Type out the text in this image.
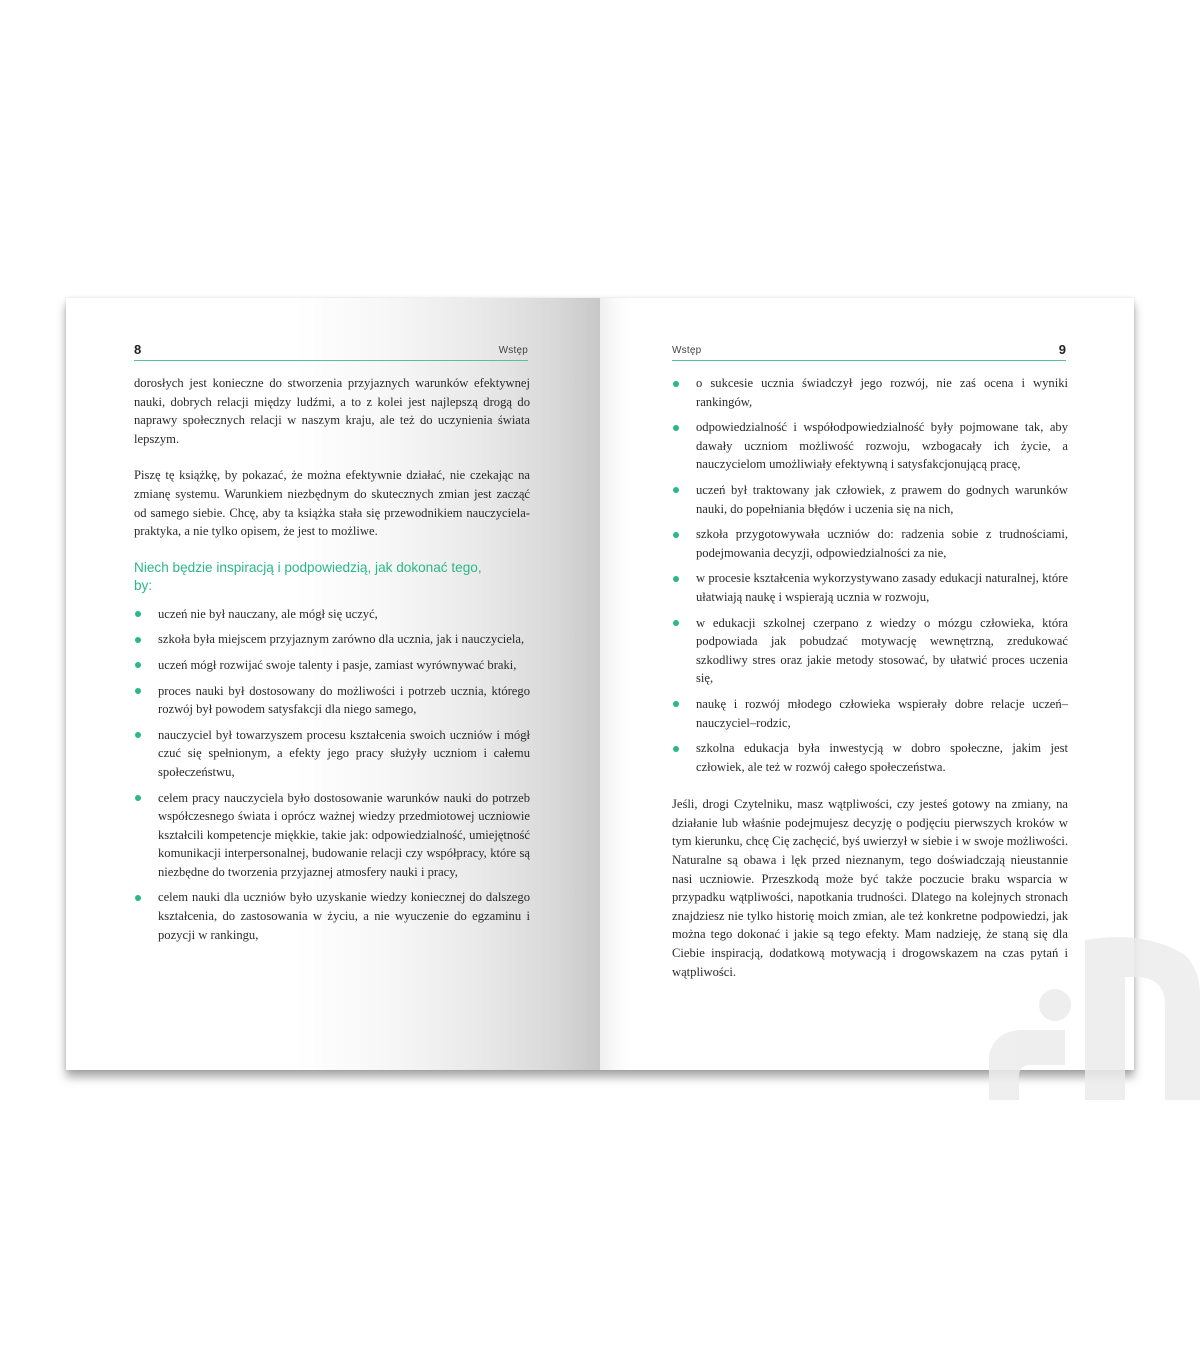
8	Wstęp

dorosłych jest konieczne do stworzenia przyjaznych warunków efektywnej nauki, dobrych relacji między ludźmi, a to z kolei jest najlepszą drogą do naprawy społecznych relacji w naszym kraju, ale też do uczynienia świata lepszym.

Piszę tę książkę, by pokazać, że można efektywnie działać, nie czekając na zmianę systemu. Warunkiem niezbędnym do skutecznych zmian jest zacząć od samego siebie. Chcę, aby ta książka stała się przewodnikiem nauczyciela-praktyka, a nie tylko opisem, że jest to możliwe.

Niech będzie inspiracją i podpowiedzią, jak dokonać tego, by:
uczeń nie był nauczany, ale mógł się uczyć,
szkoła była miejscem przyjaznym zarówno dla ucznia, jak i nauczyciela,
uczeń mógł rozwijać swoje talenty i pasje, zamiast wyrównywać braki,
proces nauki był dostosowany do możliwości i potrzeb ucznia, którego rozwój był powodem satysfakcji dla niego samego,
nauczyciel był towarzyszem procesu kształcenia swoich uczniów i mógł czuć się spełnionym, a efekty jego pracy służyły uczniom i całemu społeczeństwu,
celem pracy nauczyciela było dostosowanie warunków nauki do potrzeb współczesnego świata i oprócz ważnej wiedzy przedmiotowej uczniowie kształcili kompetencje miękkie, takie jak: odpowiedzialność, umiejętność komunikacji interpersonalnej, budowanie relacji czy współpracy, które są niezbędne do tworzenia przyjaznej atmosfery nauki i pracy,
celem nauki dla uczniów było uzyskanie wiedzy koniecznej do dalszego kształcenia, do zastosowania w życiu, a nie wyuczenie do egzaminu i pozycji w rankingu,
Wstęp	9
o sukcesie ucznia świadczył jego rozwój, nie zaś ocena i wyniki rankingów,
odpowiedzialność i współodpowiedzialność były pojmowane tak, aby dawały uczniom możliwość rozwoju, wzbogacały ich życie, a nauczycielom umożliwiały efektywną i satysfakcjonującą pracę,
uczeń był traktowany jak człowiek, z prawem do godnych warunków nauki, do popełniania błędów i uczenia się na nich,
szkoła przygotowywała uczniów do: radzenia sobie z trudnościami, podejmowania decyzji, odpowiedzialności za nie,
w procesie kształcenia wykorzystywano zasady edukacji naturalnej, które ułatwiają naukę i wspierają ucznia w rozwoju,
w edukacji szkolnej czerpano z wiedzy o mózgu człowieka, która podpowiada jak pobudzać motywację wewnętrzną, zredukować szkodliwy stres oraz jakie metody stosować, by ułatwić proces uczenia się,
naukę i rozwój młodego człowieka wspierały dobre relacje uczeń–nauczyciel–rodzic,
szkolna edukacja była inwestycją w dobro społeczne, jakim jest człowiek, ale też w rozwój całego społeczeństwa.

Jeśli, drogi Czytelniku, masz wątpliwości, czy jesteś gotowy na zmiany, na działanie lub właśnie podejmujesz decyzję o podjęciu pierwszych kroków w tym kierunku, chcę Cię zachęcić, byś uwierzył w siebie i w swoje możliwości. Naturalne są obawa i lęk przed nieznanym, tego doświadczają nieustannie nasi uczniowie. Przeszkodą może być także poczucie braku wsparcia w przypadku wątpliwości, napotkania trudności. Dlatego na kolejnych stronach znajdziesz nie tylko historię moich zmian, ale też konkretne podpowiedzi, jak można tego dokonać i jakie są tego efekty. Mam nadzieję, że staną się dla Ciebie inspiracją, dodatkową motywacją i drogowskazem na czas pytań i wątpliwości.
